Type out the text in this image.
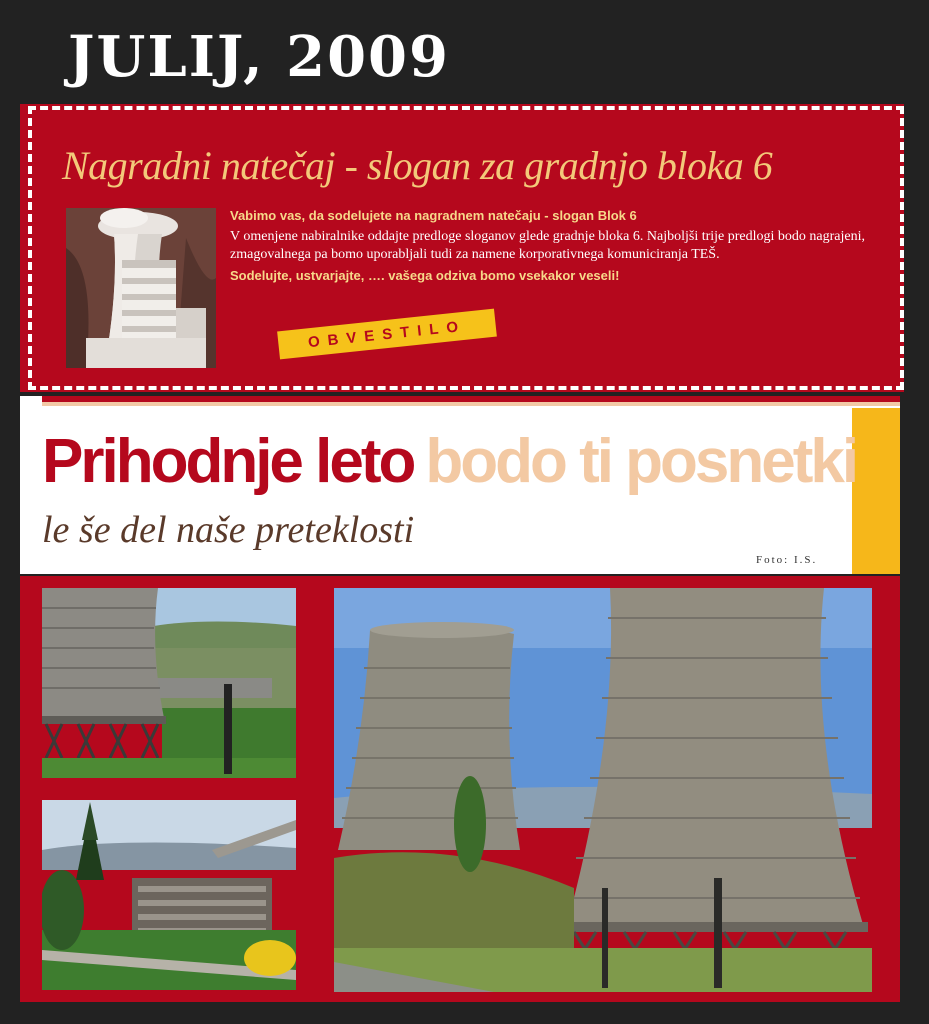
JULIJ, 2009
Nagradni natečaj - slogan za gradnjo bloka 6
Vabimo vas, da sodelujete na nagradnem natečaju - slogan Blok 6
V omenjene nabiralnike oddajte predloge sloganov glede gradnje bloka 6. Najboljši trije predlogi bodo nagrajeni, zmagovalnega pa bomo uporabljali tudi za namene korporativnega komuniciranja TEŠ.
Sodelujte, ustvarjajte, …. vašega odziva bomo vsekakor veseli!
OBVESTILO
Prihodnje leto bodo ti posnetki
le še del naše preteklosti
Foto: I.S.
